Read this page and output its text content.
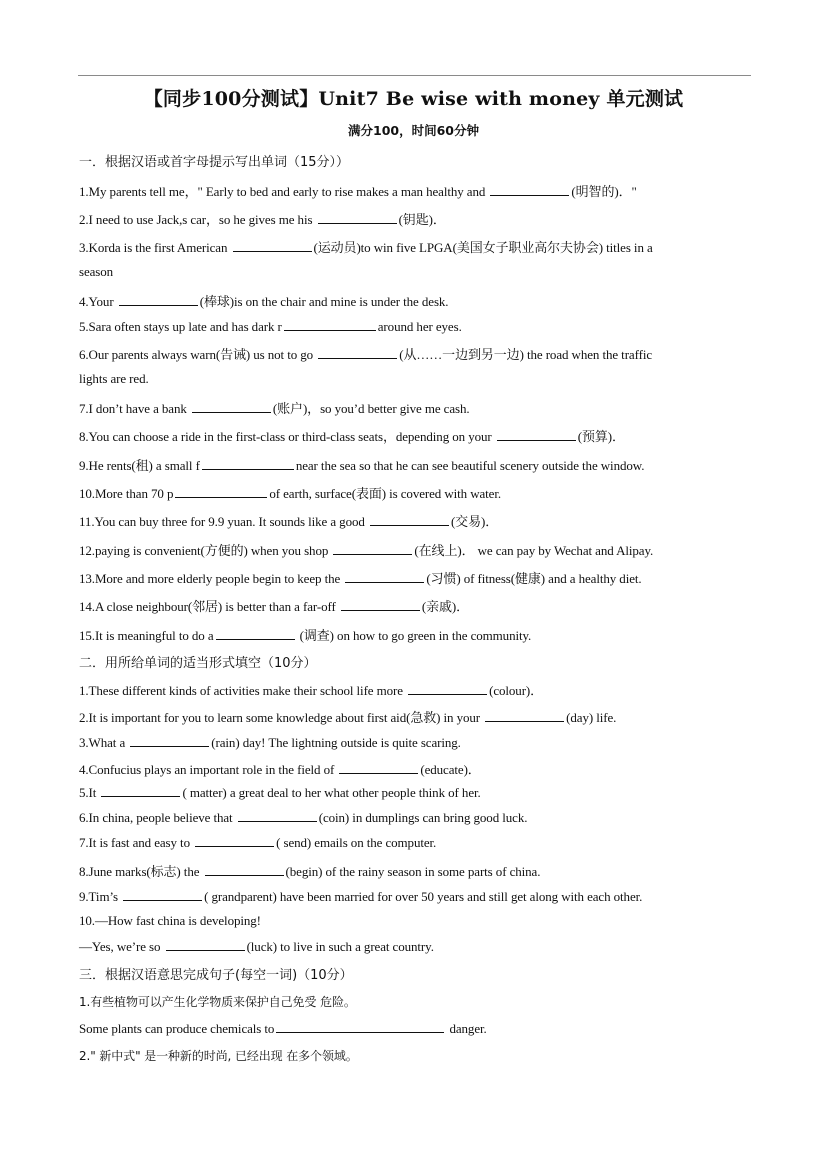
【同步100分测试】Unit7 Be wise with money 单元测试
满分100，时间60分钟
一．根据汉语或首字母提示写出单词（15分））
1.My parents tell me，" Early to bed and early to rise makes a man healthy and	(明智的)．"
2.I need to use Jack,s car，so he gives me his	(钥匙)．
3.Korda is the first American	(运动员)to win five LPGA(美国女子职业高尔夫协会) titles in a
season
4.Your	(棒球)is on the chair and mine is under the desk.
5.Sara often stays up late and has dark r	around her eyes.
6.Our parents always warn(告诫) us not to go	(从……一边到另一边) the road when the traffic
lights are red.
7.I don’t have a bank	(账户)，so you’d better give me cash.
8.You can choose a ride in the first-class or third-class seats，depending on your	(预算)．
9.He rents(租) a small f	near the sea so that he can see beautiful scenery outside the window.
10.More than 70 p	of earth, surface(表面) is covered with water.
11.You can buy three for 9.9 yuan. It sounds like a good	(交易)．
12.paying is convenient(方便的) when you shop	(在线上)． we can pay by Wechat and Alipay.
13.More and more elderly people begin to keep the	(习惯) of fitness(健康) and a healthy diet.
14.A close neighbour(邻居) is better than a far-off	(亲戚)．
15.It is meaningful to do a	(调查) on how to go green in the community.
二．用所给单词的适当形式填空（10分）
1.These different kinds of activities make their school life more	(colour)．
2.It is important for you to learn some knowledge about first aid(急救) in your	(day) life.
3.What a	(rain) day! The lightning outside is quite scaring.
4.Confucius plays an important role in the field of	(educate)．
5.It	( matter) a great deal to her what other people think of her.
6.In china, people believe that	(coin) in dumplings can bring good luck.
7.It is fast and easy to	( send) emails on the computer.
8.June marks(标志) the	(begin) of the rainy season in some parts of china.
9.Tim’s	( grandparent) have been married for over 50 years and still get along with each other.
10.—How fast china is developing!
—Yes, we’re so	(luck) to live in such a great country.
三．根据汉语意思完成句子(每空一词)（10分）
1.有些植物可以产生化学物质来保护自己免受 危险。
Some plants can produce chemicals to	danger.
2." 新中式" 是一种新的时尚, 已经出现 在多个领域。
